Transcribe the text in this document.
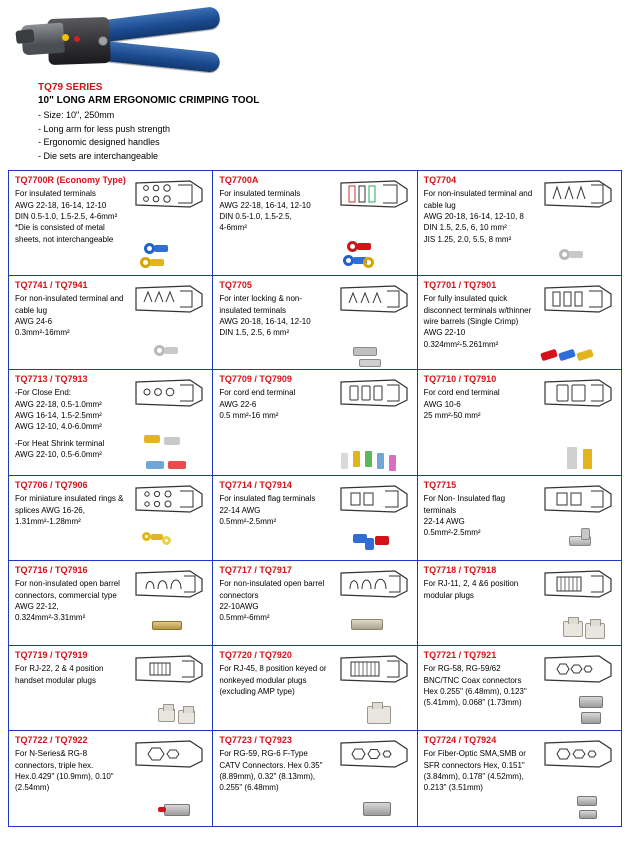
TQ79 SERIES
10" LONG ARM ERGONOMIC CRIMPING TOOL
- Size: 10", 250mm
- Long arm for less push strength
- Ergonomic designed handles
- Die sets are interchangeable
TQ7700R (Economy Type)
For insulated terminals
AWG 22-18, 16-14, 12-10
DIN 0.5-1.0, 1.5-2.5, 4-6mm²
*Die is consisted of metal sheets, not interchangeable
TQ7700A
For insulated terminals
AWG 22-18, 16-14, 12-10
DIN 0.5-1.0, 1.5-2.5,
4-6mm²
TQ7704
For non-insulated terminal and cable lug
AWG 20-18, 16-14, 12-10, 8
DIN 1.5, 2.5, 6, 10 mm²
JIS 1.25, 2.0, 5.5, 8 mm²
TQ7741 / TQ7941
For non-insulated terminal and cable lug
AWG 24-6
0.3mm²-16mm²
TQ7705
For inter locking & non-insulated terminals
AWG 20-18, 16-14, 12-10
DIN 1.5, 2.5, 6 mm²
TQ7701 / TQ7901
For fully insulated quick disconnect terminals w/thinner wire barrels (Single Crimp)
AWG 22-10
0.324mm²-5.261mm²
TQ7713 / TQ7913
-For Close End:
AWG 22-18, 0.5-1.0mm²
AWG 16-14, 1.5-2.5mm²
AWG 12-10, 4.0-6.0mm²
-For Heat Shrink terminal
AWG 22-10, 0.5-6.0mm²
TQ7709 / TQ7909
For cord end terminal
AWG 22-6
0.5 mm²-16 mm²
TQ7710 / TQ7910
For cord end terminal
AWG 10-6
25 mm²-50 mm²
TQ7706 / TQ7906
For miniature insulated rings & splices AWG 16-26,
1.31mm²-1.28mm²
TQ7714 / TQ7914
For insulated flag terminals
22-14 AWG
0.5mm²-2.5mm²
TQ7715
For Non- Insulated flag terminals
22-14 AWG
0.5mm²-2.5mm²
TQ7716 / TQ7916
For non-insulated open barrel connectors, commercial type
AWG 22-12,
0.324mm²-3.31mm²
TQ7717 / TQ7917
For non-insulated open barrel connectors
22-10AWG
0.5mm²-6mm²
TQ7718 / TQ7918
For RJ-11, 2, 4 &6 position modular plugs
TQ7719 / TQ7919
For RJ-22, 2 & 4 position handset modular plugs
TQ7720 / TQ7920
For RJ-45, 8 position keyed or nonkeyed modular plugs (excluding AMP type)
TQ7721 / TQ7921
For RG-58, RG-59/62 BNC/TNC Coax connectors
Hex 0.255" (6.48mm), 0.123" (5.41mm), 0.068" (1.73mm)
TQ7722 / TQ7922
For N-Series& RG-8 connectors, triple hex.
Hex.0.429" (10.9mm), 0.10" (2.54mm)
TQ7723 / TQ7923
For RG-59, RG-6 F-Type CATV Connectors. Hex 0.35" (8.89mm), 0.32" (8.13mm), 0.255" (6.48mm)
TQ7724 / TQ7924
For Fiber-Optic SMA,SMB or SFR connectors Hex, 0.151" (3.84mm), 0.178" (4.52mm), 0.213" (3.51mm)
